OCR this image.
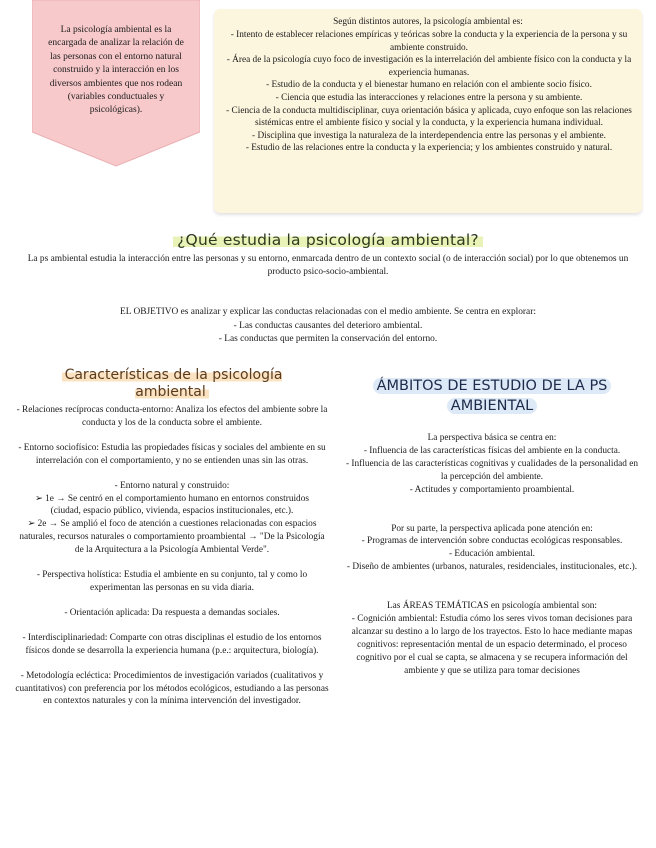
La psicología ambiental es la encargada de analizar la relación de las personas con el entorno natural construido y la interacción en los diversos ambientes que nos rodean (variables conductuales y psicológicas).
Según distintos autores, la psicología ambiental es:
- Intento de establecer relaciones empíricas y teóricas sobre la conducta y la experiencia de la persona y su ambiente construido.
- Área de la psicología cuyo foco de investigación es la interrelación del ambiente físico con la conducta y la experiencia humanas.
- Estudio de la conducta y el bienestar humano en relación con el ambiente socio físico.
- Ciencia que estudia las interacciones y relaciones entre la persona y su ambiente.
- Ciencia de la conducta multidisciplinar, cuya orientación básica y aplicada, cuyo enfoque son las relaciones sistémicas entre el ambiente físico y social y la conducta, y la experiencia humana individual.
- Disciplina que investiga la naturaleza de la interdependencia entre las personas y el ambiente.
- Estudio de las relaciones entre la conducta y la experiencia; y los ambientes construido y natural.
¿Qué estudia la psicología ambiental?
La ps ambiental estudia la interacción entre las personas y su entorno, enmarcada dentro de un contexto social (o de interacción social) por lo que obtenemos un producto psico-socio-ambiental.
EL OBJETIVO es analizar y explicar las conductas relacionadas con el medio ambiente. Se centra en explorar:
- Las conductas causantes del deterioro ambiental.
- Las conductas que permiten la conservación del entorno.
Características de la psicología ambiental

- Relaciones recíprocas conducta-entorno: Analiza los efectos del ambiente sobre la conducta y los de la conducta sobre el ambiente.

- Entorno sociofísico: Estudia las propiedades físicas y sociales del ambiente en su interrelación con el comportamiento, y no se entienden unas sin las otras.

- Entorno natural y construido:
➢ 1e → Se centró en el comportamiento humano en entornos construidos
(ciudad, espacio público, vivienda, espacios institucionales, etc.).
➢ 2e → Se amplió el foco de atención a cuestiones relacionadas con espacios naturales, recursos naturales o comportamiento proambiental → "De la Psicología de la Arquitectura a la Psicología Ambiental Verde".

- Perspectiva holística: Estudia el ambiente en su conjunto, tal y como lo experimentan las personas en su vida diaria.

- Orientación aplicada: Da respuesta a demandas sociales.

- Interdisciplinariedad: Comparte con otras disciplinas el estudio de los entornos físicos donde se desarrolla la experiencia humana (p.e.: arquitectura, biología).

- Metodología ecléctica: Procedimientos de investigación variados (cualitativos y cuantitativos) con preferencia por los métodos ecológicos, estudiando a las personas en contextos naturales y con la mínima intervención del investigador.

ÁMBITOS DE ESTUDIO DE LA PS AMBIENTAL

La perspectiva básica se centra en:

- Influencia de las características físicas del ambiente en la conducta.

- Influencia de las características cognitivas y cualidades de la personalidad en la percepción del ambiente.

- Actitudes y comportamiento proambiental.

Por su parte, la perspectiva aplicada pone atención en:

- Programas de intervención sobre conductas ecológicas responsables.

- Educación ambiental.

- Diseño de ambientes (urbanos, naturales, residenciales, institucionales, etc.).

Las ÁREAS TEMÁTICAS en psicología ambiental son:

- Cognición ambiental: Estudia cómo los seres vivos toman decisiones para alcanzar su destino a lo largo de los trayectos. Esto lo hace mediante mapas cognitivos: representación mental de un espacio determinado, el proceso cognitivo por el cual se capta, se almacena y se recupera información del ambiente y que se utiliza para tomar decisiones
